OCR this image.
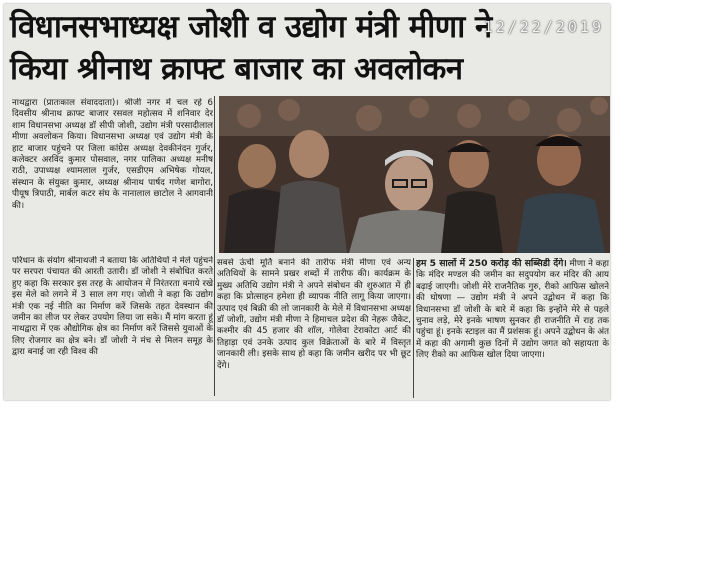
विधानसभाध्यक्ष जोशी व उद्योग मंत्री मीणा ने
किया श्रीनाथ क्राफ्ट बाजार का अवलोकन
12/22/2019

नाथद्वारा (प्रातःकाल संवाददाता)। श्रीजी नगर में चल रहे 6 दिवसीय श्रीनाथ क्राफ्ट बाजार रसवल महोत्सव में शनिवार देर शाम विधानसभा अध्यक्ष डॉ सीपी जोशी, उद्योग मंत्री परसादीलाल मीणा अवलोकन किया। विधानसभा अध्यक्ष एवं उद्योग मंत्री के हाट बाजार पहुंचने पर जिला कांग्रेस अध्यक्ष देवकीनंदन गुर्जर, कलेक्टर अरविंद कुमार पोसवाल, नगर पालिका अध्यक्ष मनीष राठी, उपाध्यक्ष श्यामलाल गुर्जर, एसडीएम अभिषेक गोयल, संस्थान के संयुक्त कुमार, अध्यक्ष श्रीनाथ पार्षद गणेश बागोरा, पीयूष त्रिपाठी, मार्बल कटर संघ के नानालाल छाटोल ने आगवानी की।

परिधान के संयोग श्रीनाथजी ने बताया कि अतिथियों ने मेले पहुंचने पर सरपरा पंचायत की आरती उतारी। डॉ जोशी ने संबोधित करते हुए कहा कि सरकार इस तरह के आयोजन में निरंतरता बनाये रखे इस मेले को लगने में 3 साल लग गए। जोशी ने कहा कि उद्योग मंत्री एक नई नीति का निर्माण करें जिसके तहत देवस्थान की जमीन का लीज पर लेकर उपयोग लिया जा सके। मैं मांग करता हूं नाथद्वारा में एक औद्योगिक क्षेत्र का निर्माण करें जिससे युवाओं के लिए रोजगार का क्षेत्र बने। डॉ जोशी ने मंच से मिलन समूह के द्वारा बनाई जा रही विश्व की

सबसे ऊंची मूर्ति बनाने की तारीफ मंत्री मीणा एवं अन्य अतिथियों के सामने प्रखर शब्दों में तारीफ की। कार्यक्रम के मुख्य अतिथि उद्योग मंत्री ने अपने संबोधन की शुरुआत में ही कहा कि प्रोत्साहन हमेशा ही व्यापक नीति लागू किया जाएगा। उत्पाद एवं बिक्री की लो जानकारी के मेले में विधानसभा अध्यक्ष डॉ जोशी, उद्योग मंत्री मीणा ने हिमाचल प्रदेश की नेहरू जैकेट, कश्मीर की 45 हजार की शॉल, गोलेवा टेराकोटा आर्ट की तिहाड़ा एवं उनके उत्पाद कुल विक्रेताओं के बारे में विस्तृत जानकारी ली। इसके साथ हो कहा कि जमीन खरीद पर भी छूट देंगे।

हम 5 सालों में 250 करोड़ की सब्सिडी देंगे। मीणा ने कहा कि मंदिर मण्डल की जमीन का सदुपयोग कर मंदिर की आय बढ़ाई जाएगी। जोशी मेरे राजनैतिक गुरु, रीको आफिस खोलने की घोषणा — उद्योग मंत्री ने अपने उद्बोधन में कहा कि विधानसभा डॉ जोशी के बारे में कहा कि इन्होंने मेरे से पहले चुनाव लड़े, मेरे इनके भाषण सुनकर ही राजनीति में राह तक पहुंचा हूं। इनके स्टाइल का मैं प्रशंसक हूं। अपने उद्बोधन के अंत में कहा की अगामी कुछ दिनों में उद्योग जगत को सहायता के लिए रीको का आफिस खोल दिया जाएगा।
